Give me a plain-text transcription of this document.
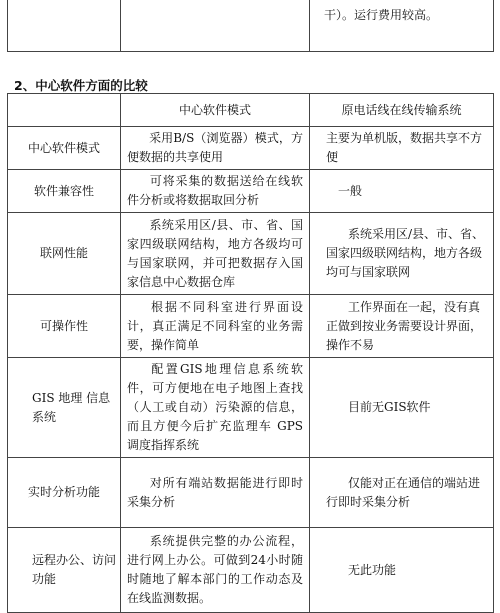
		干）。运行费用较高。
2、中心软件方面的比较
	中心软件模式	原电话线在线传输系统
中心软件模式	采用B/S（浏览器）模式，方便数据的共享使用	主要为单机版，数据共享不方便
软件兼容性	可将采集的数据送给在线软件分析或将数据取回分析	一般
联网性能	系统采用区/县、市、省、国家四级联网结构，地方各级均可与国家联网，并可把数据存入国家信息中心数据仓库	系统采用区/县、市、省、国家四级联网结构，地方各级均可与国家联网
可操作性	根据不同科室进行界面设计，真正满足不同科室的业务需要，操作简单	工作界面在一起，没有真正做到按业务需要设计界面，操作不易
GIS 地理 信息系统	配置GIS地理信息系统软件，可方便地在电子地图上查找（人工或自动）污染源的信息，而且方便今后扩充监理车 GPS 调度指挥系统	目前无GIS软件
实时分析功能	对所有端站数据能进行即时采集分析	仅能对正在通信的端站进行即时采集分析
远程办公、访问功能	系统提供完整的办公流程，进行网上办公。可做到24小时随时随地了解本部门的工作动态及在线监测数据。	无此功能
